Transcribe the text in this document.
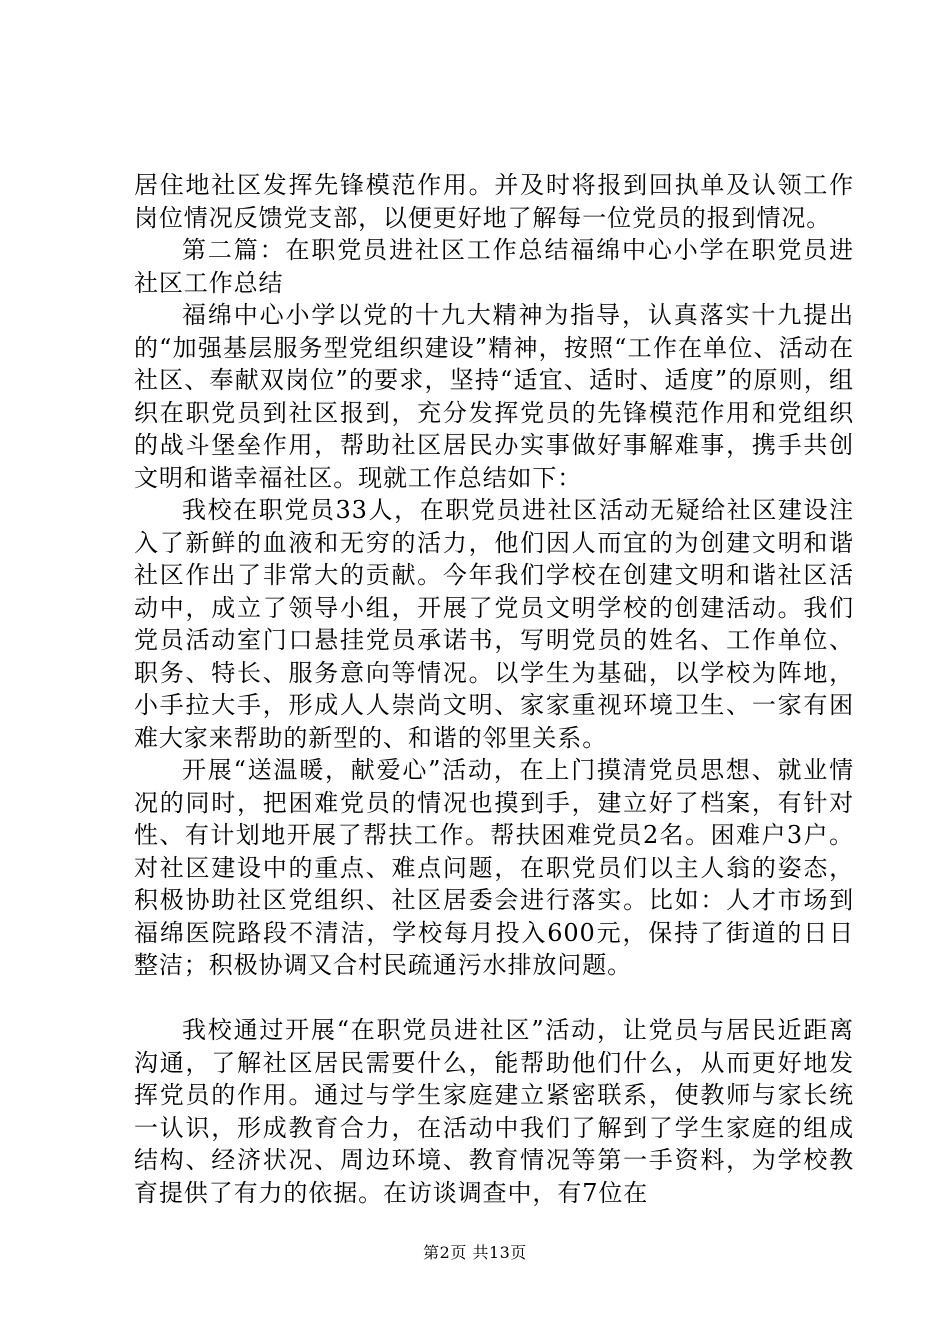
居住地社区发挥先锋模范作用。并及时将报到回执单及认领工作岗位情况反馈党支部，以便更好地了解每一位党员的报到情况。

第二篇：在职党员进社区工作总结福绵中心小学在职党员进社区工作总结

福绵中心小学以党的十九大精神为指导，认真落实十九提出的“加强基层服务型党组织建设”精神，按照“工作在单位、活动在社区、奉献双岗位”的要求，坚持“适宜、适时、适度”的原则，组织在职党员到社区报到，充分发挥党员的先锋模范作用和党组织的战斗堡垒作用，帮助社区居民办实事做好事解难事，携手共创文明和谐幸福社区。现就工作总结如下：

我校在职党员33人，在职党员进社区活动无疑给社区建设注入了新鲜的血液和无穷的活力，他们因人而宜的为创建文明和谐社区作出了非常大的贡献。今年我们学校在创建文明和谐社区活动中，成立了领导小组，开展了党员文明学校的创建活动。我们党员活动室门口悬挂党员承诺书，写明党员的姓名、工作单位、职务、特长、服务意向等情况。以学生为基础，以学校为阵地，小手拉大手，形成人人崇尚文明、家家重视环境卫生、一家有困难大家来帮助的新型的、和谐的邻里关系。

开展“送温暖，献爱心”活动，在上门摸清党员思想、就业情况的同时，把困难党员的情况也摸到手，建立好了档案，有针对性、有计划地开展了帮扶工作。帮扶困难党员2名。困难户3户。对社区建设中的重点、难点问题，在职党员们以主人翁的姿态，积极协助社区党组织、社区居委会进行落实。比如：人才市场到福绵医院路段不清洁，学校每月投入600元，保持了街道的日日整洁；积极协调又合村民疏通污水排放问题。

我校通过开展“在职党员进社区”活动，让党员与居民近距离沟通，了解社区居民需要什么，能帮助他们什么，从而更好地发挥党员的作用。通过与学生家庭建立紧密联系，使教师与家长统一认识，形成教育合力，在活动中我们了解到了学生家庭的组成结构、经济状况、周边环境、教育情况等第一手资料，为学校教育提供了有力的依据。在访谈调查中，有7位在

第2页 共13页
